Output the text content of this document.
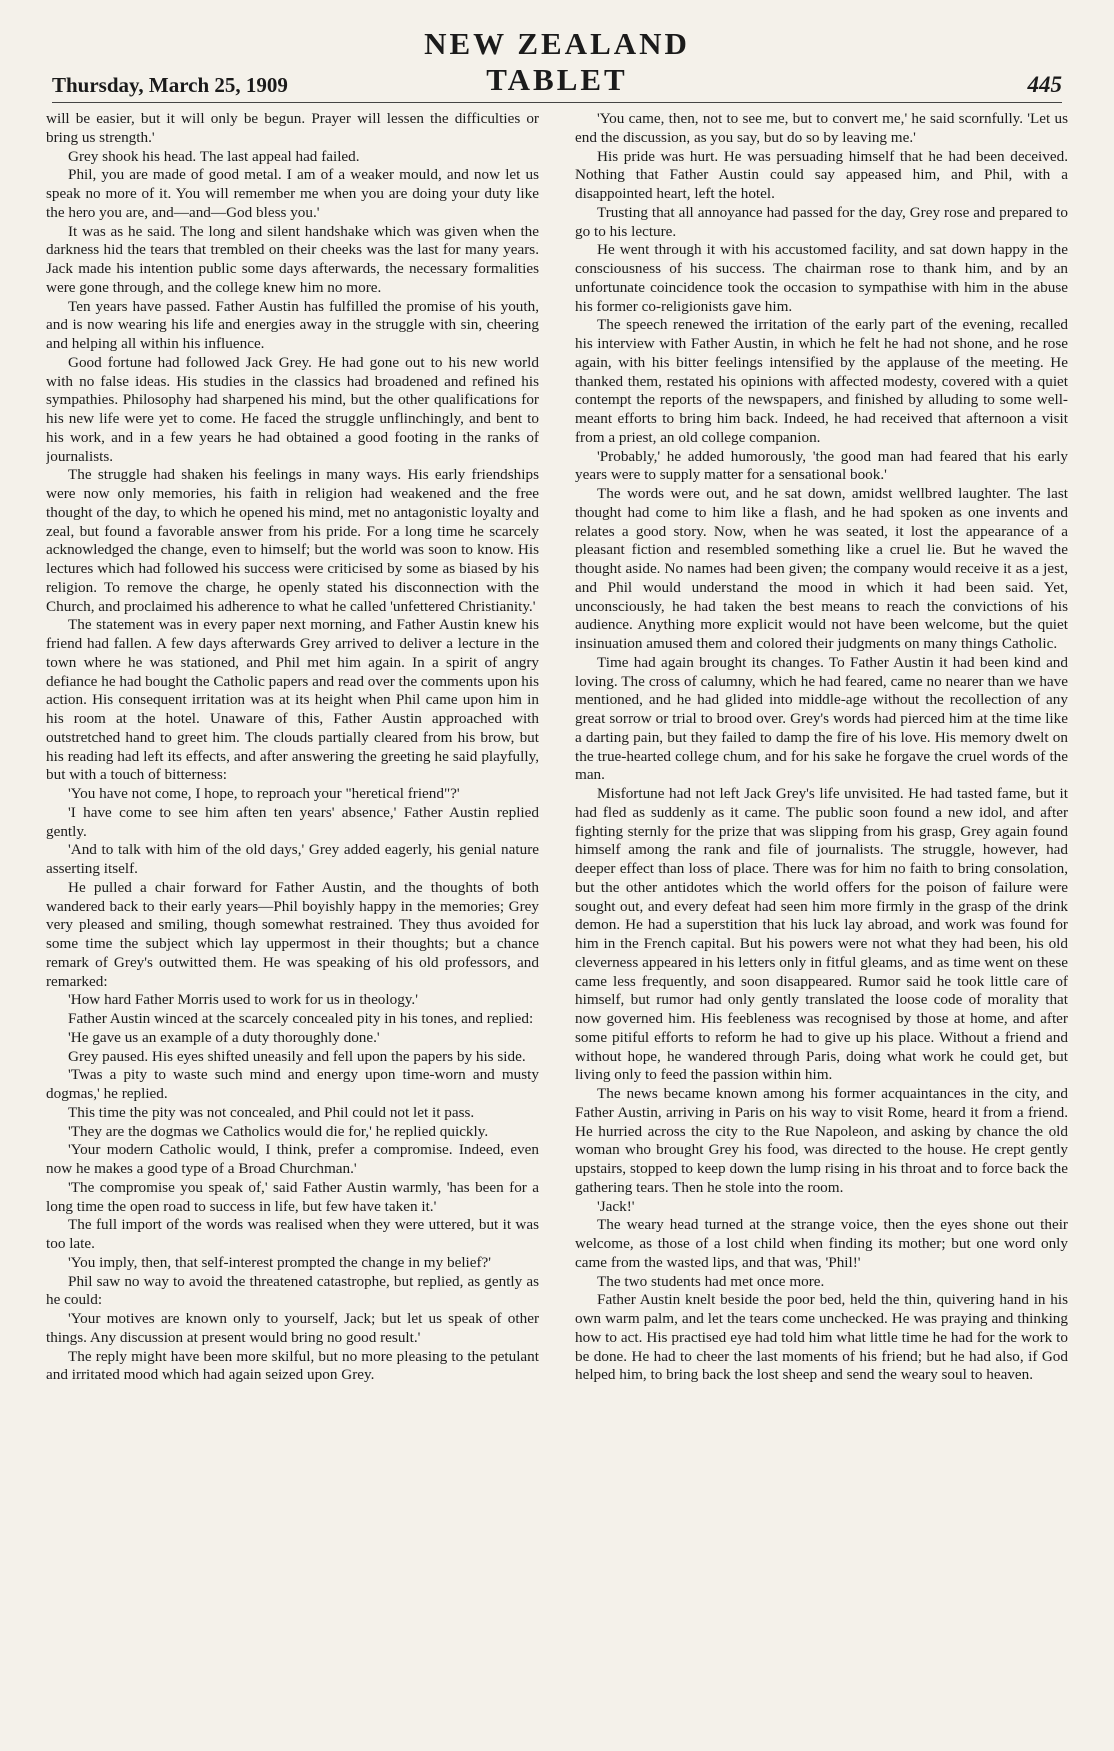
Thursday, March 25, 1909
NEW ZEALAND TABLET	445

will be easier, but it will only be begun. Prayer will lessen the difficulties or bring us strength.'

Grey shook his head. The last appeal had failed.

Phil, you are made of good metal. I am of a weaker mould, and now let us speak no more of it. You will remember me when you are doing your duty like the hero you are, and—and—God bless you.'

It was as he said. The long and silent handshake which was given when the darkness hid the tears that trembled on their cheeks was the last for many years. Jack made his intention public some days afterwards, the necessary formalities were gone through, and the college knew him no more.

Ten years have passed. Father Austin has fulfilled the promise of his youth, and is now wearing his life and energies away in the struggle with sin, cheering and helping all within his influence.

Good fortune had followed Jack Grey. He had gone out to his new world with no false ideas. His studies in the classics had broadened and refined his sympathies. Philosophy had sharpened his mind, but the other qualifications for his new life were yet to come. He faced the struggle unflinchingly, and bent to his work, and in a few years he had obtained a good footing in the ranks of journalists.

The struggle had shaken his feelings in many ways. His early friendships were now only memories, his faith in religion had weakened and the free thought of the day, to which he opened his mind, met no antagonistic loyalty and zeal, but found a favorable answer from his pride. For a long time he scarcely acknowledged the change, even to himself; but the world was soon to know. His lectures which had followed his success were criticised by some as biased by his religion. To remove the charge, he openly stated his disconnection with the Church, and proclaimed his adherence to what he called 'unfettered Christianity.'

The statement was in every paper next morning, and Father Austin knew his friend had fallen. A few days afterwards Grey arrived to deliver a lecture in the town where he was stationed, and Phil met him again. In a spirit of angry defiance he had bought the Catholic papers and read over the comments upon his action. His consequent irritation was at its height when Phil came upon him in his room at the hotel. Unaware of this, Father Austin approached with outstretched hand to greet him. The clouds partially cleared from his brow, but his reading had left its effects, and after answering the greeting he said playfully, but with a touch of bitterness:

'You have not come, I hope, to reproach your "heretical friend"?'

'I have come to see him aften ten years' absence,' Father Austin replied gently.

'And to talk with him of the old days,' Grey added eagerly, his genial nature asserting itself.

He pulled a chair forward for Father Austin, and the thoughts of both wandered back to their early years—Phil boyishly happy in the memories; Grey very pleased and smiling, though somewhat restrained. They thus avoided for some time the subject which lay uppermost in their thoughts; but a chance remark of Grey's outwitted them. He was speaking of his old professors, and remarked:

'How hard Father Morris used to work for us in theology.'

Father Austin winced at the scarcely concealed pity in his tones, and replied:

'He gave us an example of a duty thoroughly done.'

Grey paused. His eyes shifted uneasily and fell upon the papers by his side.

'Twas a pity to waste such mind and energy upon time-worn and musty dogmas,' he replied.

This time the pity was not concealed, and Phil could not let it pass.

'They are the dogmas we Catholics would die for,' he replied quickly.

'Your modern Catholic would, I think, prefer a compromise. Indeed, even now he makes a good type of a Broad Churchman.'

'The compromise you speak of,' said Father Austin warmly, 'has been for a long time the open road to success in life, but few have taken it.'

The full import of the words was realised when they were uttered, but it was too late.

'You imply, then, that self-interest prompted the change in my belief?'

Phil saw no way to avoid the threatened catastrophe, but replied, as gently as he could:

'Your motives are known only to yourself, Jack; but let us speak of other things. Any discussion at present would bring no good result.'

The reply might have been more skilful, but no more pleasing to the petulant and irritated mood which had again seized upon Grey.

'You came, then, not to see me, but to convert me,' he said scornfully. 'Let us end the discussion, as you say, but do so by leaving me.'

His pride was hurt. He was persuading himself that he had been deceived. Nothing that Father Austin could say appeased him, and Phil, with a disappointed heart, left the hotel.

Trusting that all annoyance had passed for the day, Grey rose and prepared to go to his lecture.

He went through it with his accustomed facility, and sat down happy in the consciousness of his success. The chairman rose to thank him, and by an unfortunate coincidence took the occasion to sympathise with him in the abuse his former co-religionists gave him.

The speech renewed the irritation of the early part of the evening, recalled his interview with Father Austin, in which he felt he had not shone, and he rose again, with his bitter feelings intensified by the applause of the meeting. He thanked them, restated his opinions with affected modesty, covered with a quiet contempt the reports of the newspapers, and finished by alluding to some well-meant efforts to bring him back. Indeed, he had received that afternoon a visit from a priest, an old college companion.

'Probably,' he added humorously, 'the good man had feared that his early years were to supply matter for a sensational book.'

The words were out, and he sat down, amidst wellbred laughter. The last thought had come to him like a flash, and he had spoken as one invents and relates a good story. Now, when he was seated, it lost the appearance of a pleasant fiction and resembled something like a cruel lie. But he waved the thought aside. No names had been given; the company would receive it as a jest, and Phil would understand the mood in which it had been said. Yet, unconsciously, he had taken the best means to reach the convictions of his audience. Anything more explicit would not have been welcome, but the quiet insinuation amused them and colored their judgments on many things Catholic.

Time had again brought its changes. To Father Austin it had been kind and loving. The cross of calumny, which he had feared, came no nearer than we have mentioned, and he had glided into middle-age without the recollection of any great sorrow or trial to brood over. Grey's words had pierced him at the time like a darting pain, but they failed to damp the fire of his love. His memory dwelt on the true-hearted college chum, and for his sake he forgave the cruel words of the man.

Misfortune had not left Jack Grey's life unvisited. He had tasted fame, but it had fled as suddenly as it came. The public soon found a new idol, and after fighting sternly for the prize that was slipping from his grasp, Grey again found himself among the rank and file of journalists. The struggle, however, had deeper effect than loss of place. There was for him no faith to bring consolation, but the other antidotes which the world offers for the poison of failure were sought out, and every defeat had seen him more firmly in the grasp of the drink demon. He had a superstition that his luck lay abroad, and work was found for him in the French capital. But his powers were not what they had been, his old cleverness appeared in his letters only in fitful gleams, and as time went on these came less frequently, and soon disappeared. Rumor said he took little care of himself, but rumor had only gently translated the loose code of morality that now governed him. His feebleness was recognised by those at home, and after some pitiful efforts to reform he had to give up his place. Without a friend and without hope, he wandered through Paris, doing what work he could get, but living only to feed the passion within him.

The news became known among his former acquaintances in the city, and Father Austin, arriving in Paris on his way to visit Rome, heard it from a friend. He hurried across the city to the Rue Napoleon, and asking by chance the old woman who brought Grey his food, was directed to the house. He crept gently upstairs, stopped to keep down the lump rising in his throat and to force back the gathering tears. Then he stole into the room.

'Jack!'

The weary head turned at the strange voice, then the eyes shone out their welcome, as those of a lost child when finding its mother; but one word only came from the wasted lips, and that was, 'Phil!'

The two students had met once more.

Father Austin knelt beside the poor bed, held the thin, quivering hand in his own warm palm, and let the tears come unchecked. He was praying and thinking how to act. His practised eye had told him what little time he had for the work to be done. He had to cheer the last moments of his friend; but he had also, if God helped him, to bring back the lost sheep and send the weary soul to heaven.
